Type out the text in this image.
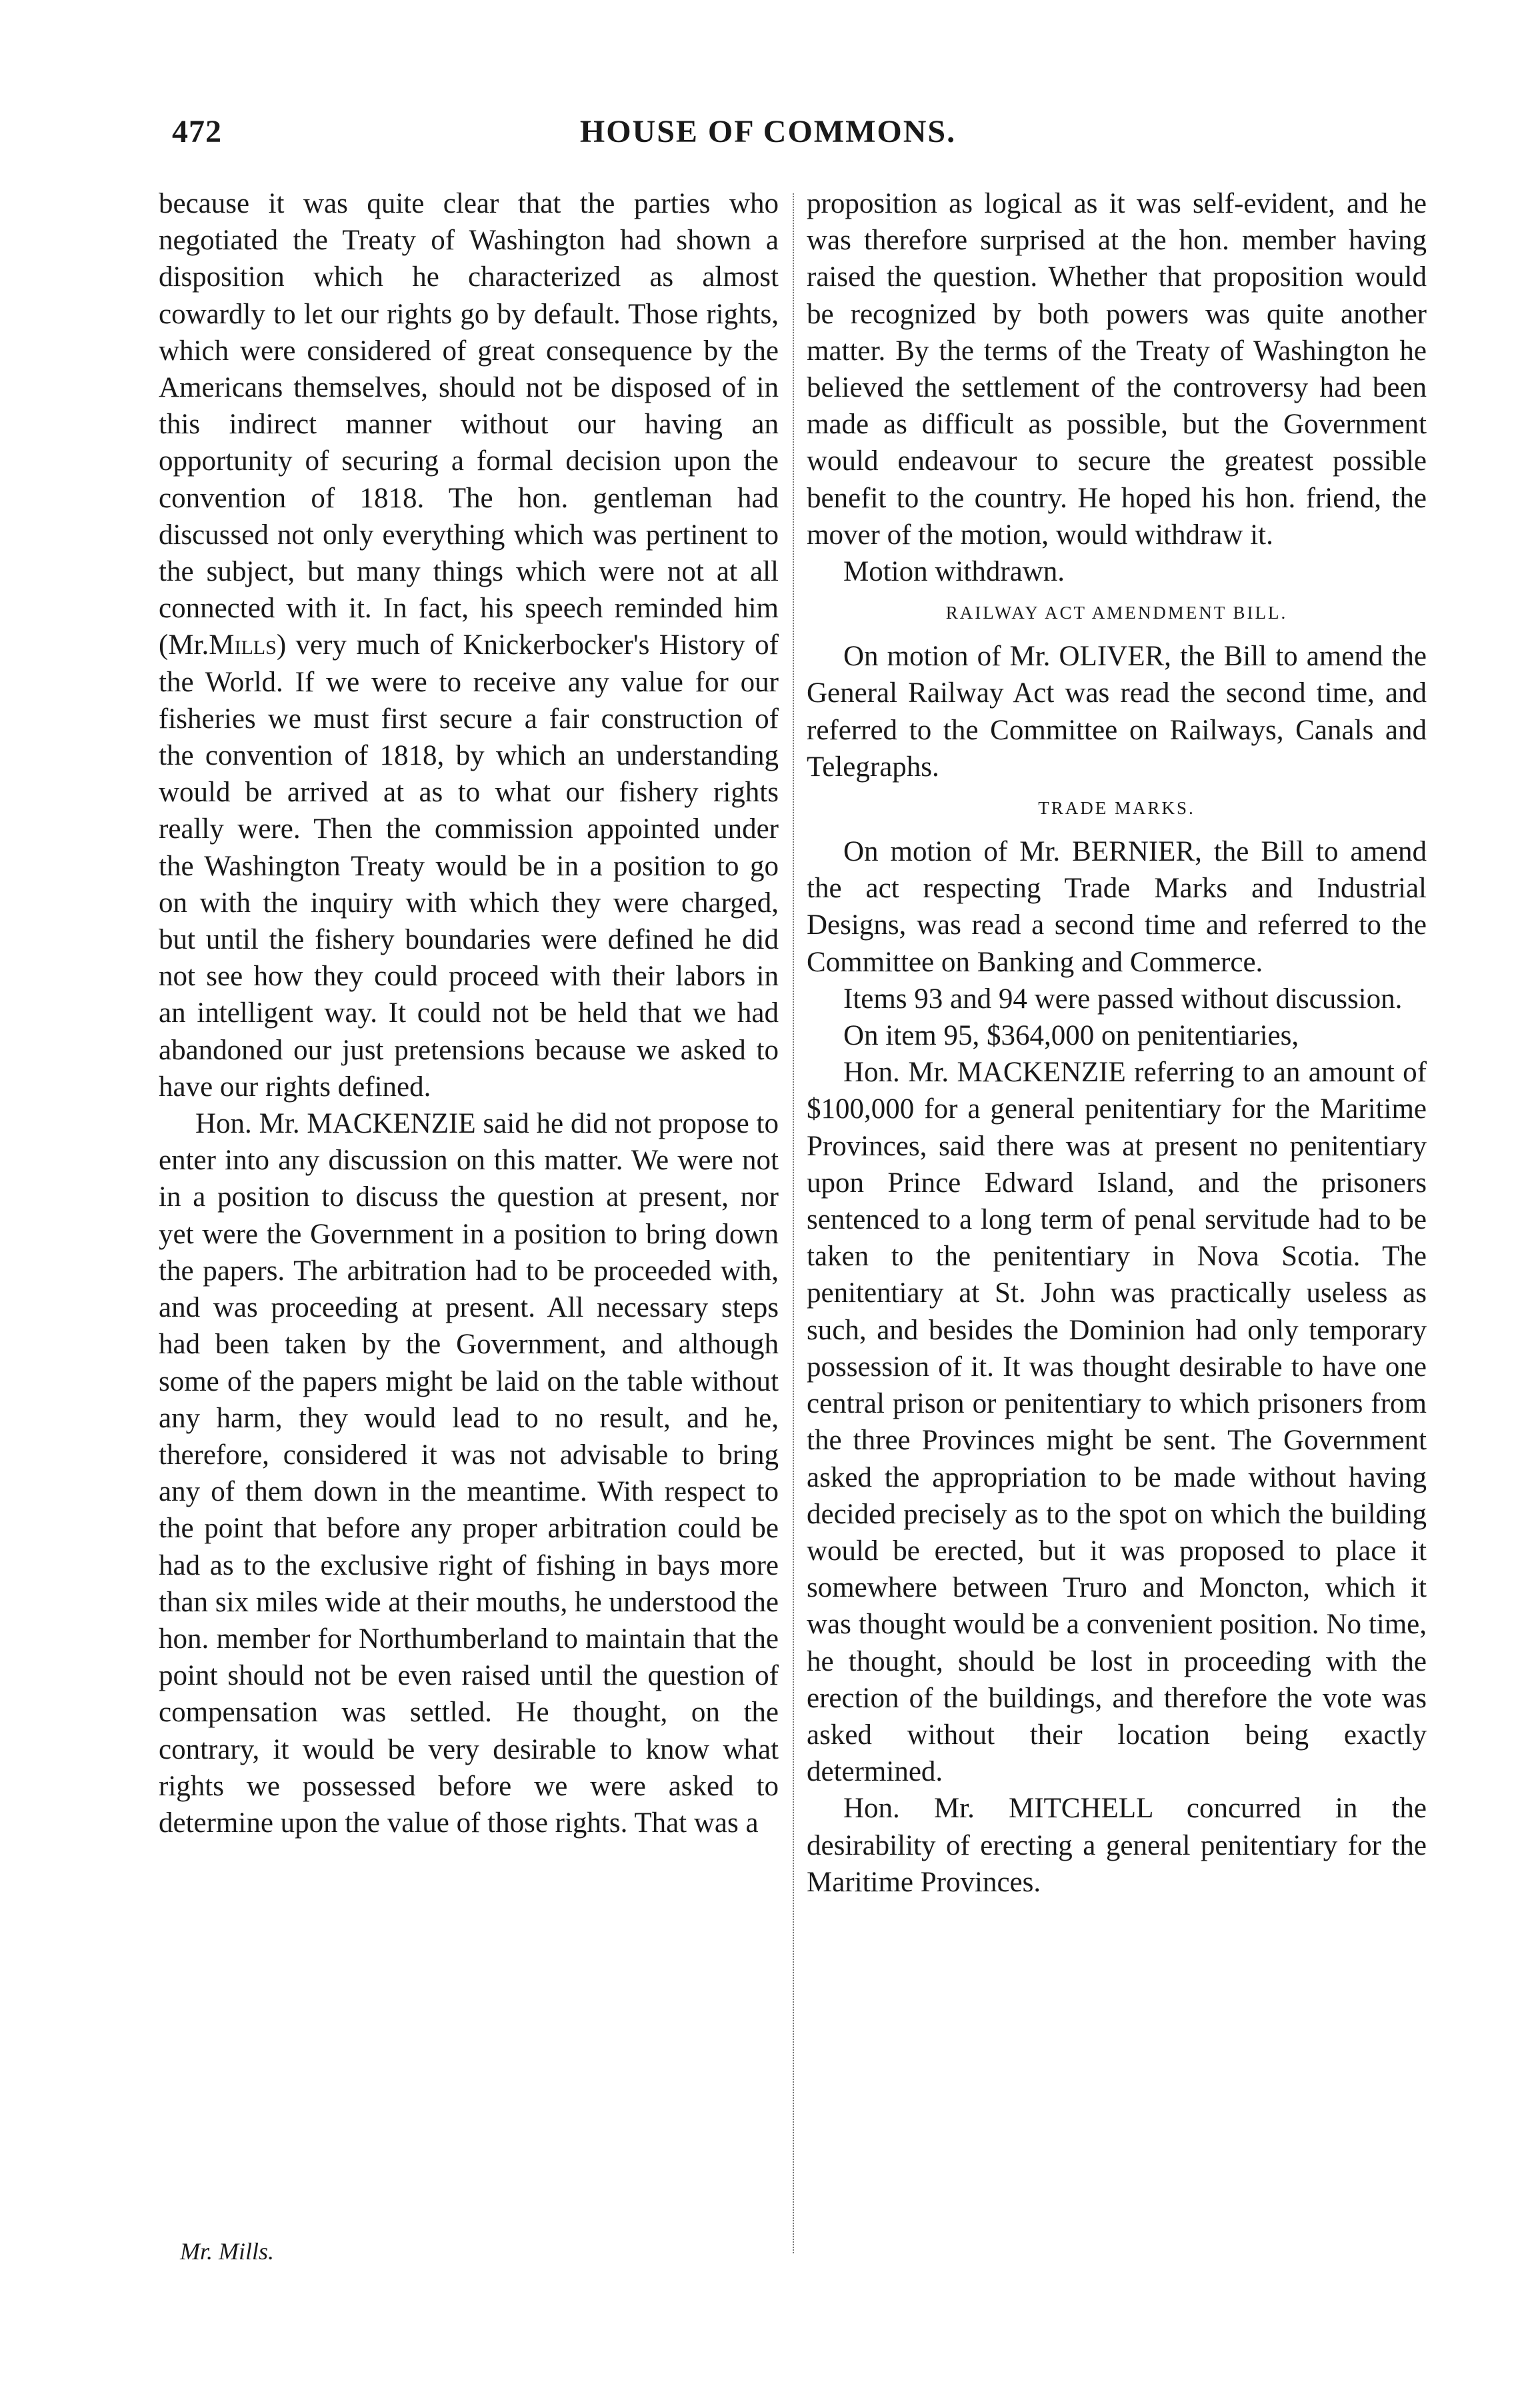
472	HOUSE OF COMMONS.

because it was quite clear that the parties who negotiated the Treaty of Washington had shown a disposition which he characterized as almost cowardly to let our rights go by default. Those rights, which were considered of great consequence by the Americans themselves, should not be disposed of in this indirect manner without our having an opportunity of securing a formal decision upon the convention of 1818. The hon. gentleman had discussed not only everything which was pertinent to the subject, but many things which were not at all connected with it. In fact, his speech reminded him (Mr.Mills) very much of Knickerbocker's History of the World. If we were to receive any value for our fisheries we must first secure a fair construction of the convention of 1818, by which an understanding would be arrived at as to what our fishery rights really were. Then the commission appointed under the Washington Treaty would be in a position to go on with the inquiry with which they were charged, but until the fishery boundaries were defined he did not see how they could proceed with their labors in an intelligent way. It could not be held that we had abandoned our just pretensions because we asked to have our rights defined.

Hon. Mr. MACKENZIE said he did not propose to enter into any discussion on this matter. We were not in a position to discuss the question at present, nor yet were the Government in a position to bring down the papers. The arbitration had to be proceeded with, and was proceeding at present. All necessary steps had been taken by the Government, and although some of the papers might be laid on the table without any harm, they would lead to no result, and he, therefore, considered it was not advisable to bring any of them down in the meantime. With respect to the point that before any proper arbitration could be had as to the exclusive right of fishing in bays more than six miles wide at their mouths, he understood the hon. member for Northumberland to maintain that the point should not be even raised until the question of compensation was settled. He thought, on the contrary, it would be very desirable to know what rights we possessed before we were asked to determine upon the value of those rights. That was a

proposition as logical as it was self-evident, and he was therefore surprised at the hon. member having raised the question. Whether that proposition would be recognized by both powers was quite another matter. By the terms of the Treaty of Washington he believed the settlement of the controversy had been made as difficult as possible, but the Government would endeavour to secure the greatest possible benefit to the country. He hoped his hon. friend, the mover of the motion, would withdraw it.

Motion withdrawn.

RAILWAY ACT AMENDMENT BILL.

On motion of Mr. OLIVER, the Bill to amend the General Railway Act was read the second time, and referred to the Committee on Railways, Canals and Telegraphs.

TRADE MARKS.

On motion of Mr. BERNIER, the Bill to amend the act respecting Trade Marks and Industrial Designs, was read a second time and referred to the Committee on Banking and Commerce.

Items 93 and 94 were passed without discussion.

On item 95, $364,000 on penitentiaries,

Hon. Mr. MACKENZIE referring to an amount of $100,000 for a general penitentiary for the Maritime Provinces, said there was at present no penitentiary upon Prince Edward Island, and the prisoners sentenced to a long term of penal servitude had to be taken to the penitentiary in Nova Scotia. The penitentiary at St. John was practically useless as such, and besides the Dominion had only temporary possession of it. It was thought desirable to have one central prison or penitentiary to which prisoners from the three Provinces might be sent. The Government asked the appropriation to be made without having decided precisely as to the spot on which the building would be erected, but it was proposed to place it somewhere between Truro and Moncton, which it was thought would be a convenient position. No time, he thought, should be lost in proceeding with the erection of the buildings, and therefore the vote was asked without their location being exactly determined.

Hon. Mr. MITCHELL concurred in the desirability of erecting a general penitentiary for the Maritime Provinces.

Mr. Mills.
